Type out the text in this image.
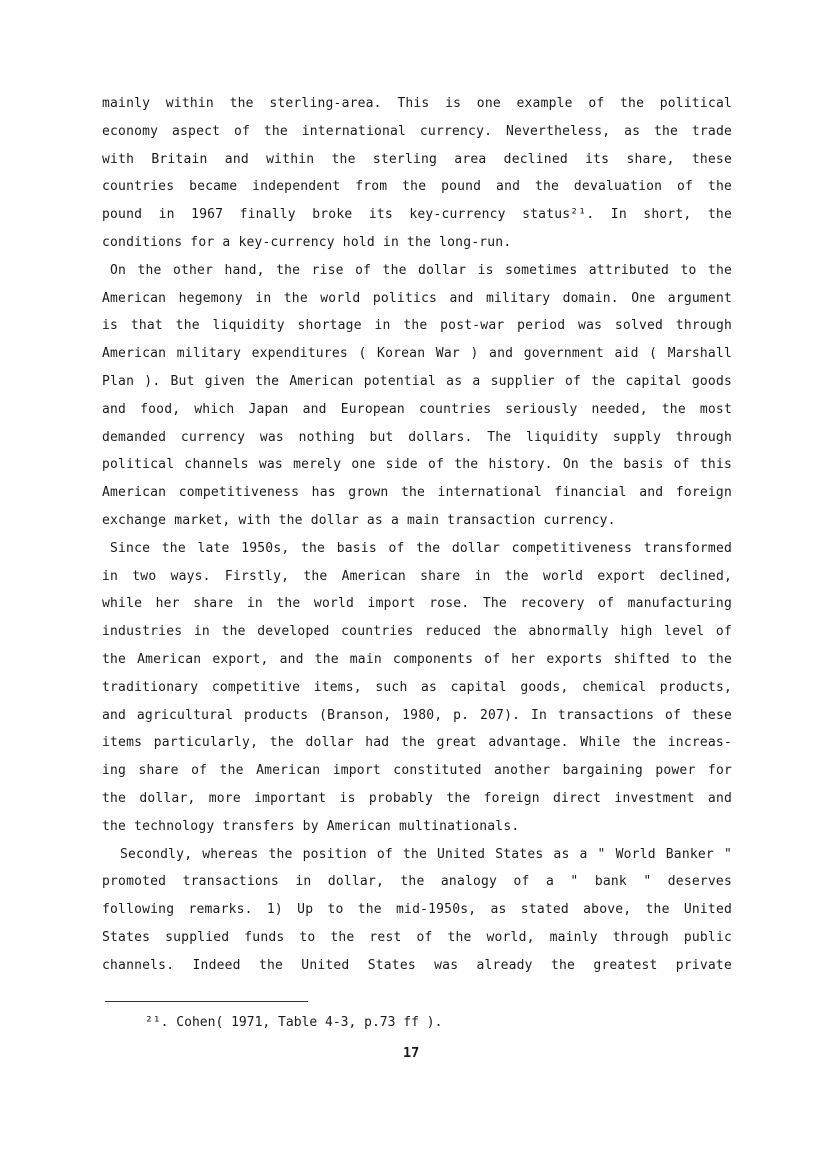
mainly within the sterling-area. This is one example of the political
economy aspect of the international currency. Nevertheless, as the trade
with Britain and within the sterling area declined its share, these
countries became independent from the pound and the devaluation of the
pound in 1967 finally broke its key-currency status²¹. In short, the
conditions for a key-currency hold in the long-run.
On the other hand, the rise of the dollar is sometimes attributed to the
American hegemony in the world politics and military domain. One argument
is that the liquidity shortage in the post-war period was solved through
American military expenditures ( Korean War ) and government aid ( Marshall
Plan ). But given the American potential as a supplier of the capital goods
and food, which Japan and European countries seriously needed, the most
demanded currency was nothing but dollars. The liquidity supply through
political channels was merely one side of the history. On the basis of this
American competitiveness has grown the international financial and foreign
exchange market, with the dollar as a main transaction currency.
Since the late 1950s, the basis of the dollar competitiveness transformed
in two ways. Firstly, the American share in the world export declined,
while her share in the world import rose. The recovery of manufacturing
industries in the developed countries reduced the abnormally high level of
the American export, and the main components of her exports shifted to the
traditionary competitive items, such as capital goods, chemical products,
and agricultural products (Branson, 1980, p. 207). In transactions of these
items particularly, the dollar had the great advantage. While the increas-
ing share of the American import constituted another bargaining power for
the dollar, more important is probably the foreign direct investment and
the technology transfers by American multinationals.
Secondly, whereas the position of the United States as a " World Banker "
promoted transactions in dollar, the analogy of a " bank " deserves
following remarks. 1) Up to the mid-1950s, as stated above, the United
States supplied funds to the rest of the world, mainly through public
channels. Indeed the United States was already the greatest private
²¹. Cohen( 1971, Table 4-3, p.73 ff ).
17
